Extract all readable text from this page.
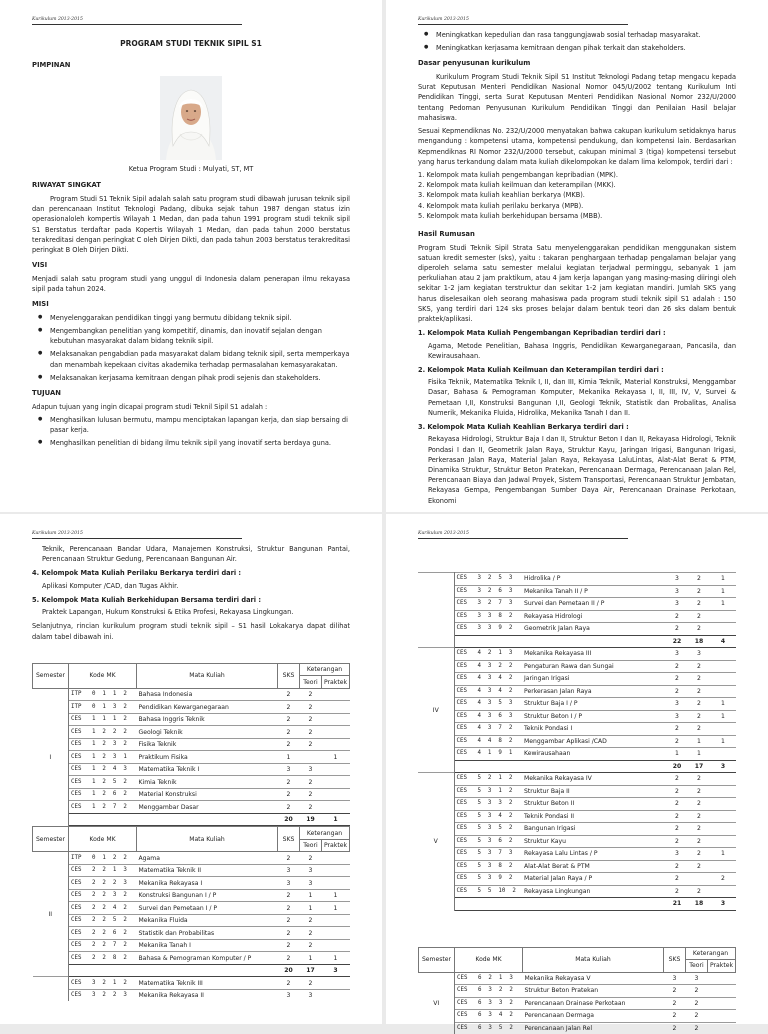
Kurikulum 2013-2015
PROGRAM STUDI TEKNIK SIPIL S1
PIMPINAN
Ketua Program Studi : Mulyati, ST, MT
RIWAYAT SINGKAT

Program Studi S1 Teknik Sipil adalah salah satu program studi dibawah jurusan teknik sipil dan perencanaan Institut Teknologi Padang, dibuka sejak tahun 1987 dengan status izin operasionaloleh kompertis Wilayah 1 Medan, dan pada tahun 1991 program studi teknik sipil S1 Berstatus terdaftar pada Kopertis Wilayah 1 Medan, dan pada tahun 2000 berstatus terakreditasi dengan peringkat C oleh Dirjen Dikti, dan pada tahun 2003 berstatus terakreditasi peringkat B Oleh Dirjen Dikti.

VISI

Menjadi salah satu program studi yang unggul di Indonesia dalam penerapan ilmu rekayasa sipil pada tahun 2024.

MISI
● Menyelenggarakan pendidikan tinggi yang bermutu dibidang teknik sipil.
● Mengembangkan penelitian yang kompetitif, dinamis, dan inovatif sejalan dengan kebutuhan masyarakat dalam bidang teknik sipil.
● Melaksanakan pengabdian pada masyarakat dalam bidang teknik sipil, serta memperkaya dan menambah kepekaan civitas akademika terhadap permasalahan kemasyarakatan.
● Melaksanakan kerjasama kemitraan dengan pihak prodi sejenis dan stakeholders.
TUJUAN

Adapun tujuan yang ingin dicapai program studi Teknil Sipil S1 adalah :

● Menghasilkan lulusan bermutu, mampu menciptakan lapangan kerja, dan siap bersaing di pasar kerja.
● Menghasilkan penelitian di bidang ilmu teknik sipil yang inovatif serta berdaya guna.
Kurikulum 2013-2015
● Meningkatkan kepedulian dan rasa tanggungjawab sosial terhadap masyarakat.
● Meningkatkan kerjasama kemitraan dengan pihak terkait dan stakeholders.
Dasar penyusunan kurikulum

Kurikulum Program Studi Teknik Sipil S1 Institut Teknologi Padang tetap mengacu kepada Surat Keputusan Menteri Pendidikan Nasional Nomor 045/U/2002 tentang Kurikulum Inti Pendidikan Tinggi, serta Surat Keputusan Menteri Pendidikan Nasional Nomor 232/U/2000 tentang Pedoman Penyusunan Kurikulum Pendidikan Tinggi dan Penilaian Hasil belajar mahasiswa.

Sesuai Kepmendiknas No. 232/U/2000 menyatakan bahwa cakupan kurikulum setidaknya harus mengandung : kompetensi utama, kompetensi pendukung, dan kompetensi lain. Berdasarkan Kepmendiknas RI Nomor 232/U/2000 tersebut, cakupan minimal 3 (tiga) kompetensi tersebut yang harus terkandung dalam mata kuliah dikelompokan ke dalam lima kelompok, terdiri dari :

1. Kelompok mata kuliah pengembangan kepribadian (MPK).
2. Kelompok mata kuliah keilmuan dan keterampilan (MKK).
3. Kelompok mata kuliah keahlian berkarya (MKB).
4. Kelompok mata kuliah perilaku berkarya (MPB).
5. Kelompok mata kuliah berkehidupan bersama (MBB).
Hasil Rumusan

Program Studi Teknik Sipil Strata Satu menyelenggarakan pendidikan menggunakan sistem satuan kredit semester (sks), yaitu : takaran penghargaan terhadap pengalaman belajar yang diperoleh selama satu semester melalui kegiatan terjadwal perminggu, sebanyak 1 jam perkuliahan atau 2 jam praktikum, atau 4 jam kerja lapangan yang masing-masing diiringi oleh sekitar 1-2 jam kegiatan terstruktur dan sekitar 1-2 jam kegiatan mandiri. Jumlah SKS yang harus diselesaikan oleh seorang mahasiswa pada program studi teknik sipil S1 adalah : 150 SKS, yang terdiri dari 124 sks proses belajar dalam bentuk teori dan 26 sks dalam bentuk praktek/aplikasi.

1. Kelompok Mata Kuliah Pengembangan Kepribadian terdiri dari :

Agama, Metode Penelitian, Bahasa Inggris, Pendidikan Kewarganegaraan, Pancasila, dan Kewirausahaan.

2. Kelompok Mata Kuliah Keilmuan dan Keterampilan terdiri dari :

Fisika Teknik, Matematika Teknik I, II, dan III, Kimia Teknik, Material Konstruksi, Menggambar Dasar, Bahasa & Pemograman Komputer, Mekanika Rekayasa I, II, III, IV, V, Survei & Pemetaan I,II, Konstruksi Bangunan I,II, Geologi Teknik, Statistik dan Probalitas, Analisa Numerik, Mekanika Fluida, Hidrolika, Mekanika Tanah I dan II.

3. Kelompok Mata Kuliah Keahlian Berkarya terdiri dari :

Rekayasa Hidrologi, Struktur Baja I dan II, Struktur Beton I dan II, Rekayasa Hidrologi, Teknik Pondasi I dan II, Geometrik Jalan Raya, Struktur Kayu, Jaringan Irigasi, Bangunan Irigasi, Perkerasan Jalan Raya, Material Jalan Raya, Rekayasa LaluLintas, Alat-Alat Berat & PTM, Dinamika Struktur, Struktur Beton Pratekan, Perencanaan Dermaga, Perencanaan Jalan Rel, Perencanaan Biaya dan Jadwal Proyek, Sistem Transportasi, Perencanaan Struktur Jembatan, Rekayasa Gempa, Pengembangan Sumber Daya Air, Perencanaan Drainase Perkotaan, Ekonomi

Kurikulum 2013-2015

Teknik, Perencanaan Bandar Udara, Manajemen Konstruksi, Struktur Bangunan Pantai, Perencanaan Struktur Gedung, Perencanaan Bangunan Air.

4. Kelompok Mata Kuliah Perilaku Berkarya terdiri dari :

Aplikasi Komputer /CAD, dan Tugas Akhir.

5. Kelompok Mata Kuliah Berkehidupan Bersama terdiri dari :

Praktek Lapangan, Hukum Konstruksi & Etika Profesi, Rekayasa Lingkungan.

Selanjutnya, rincian kurikulum program studi teknik sipil – S1 hasil Lokakarya dapat dilihat dalam tabel dibawah ini.

Semester	Kode MK	Mata Kuliah	SKS	Keterangan	
				Teori	Praktek
I	ITP   0  1  1  2	Bahasa Indonesia	2	2	
	ITP   0  1  3  2	Pendidikan Kewarganegaraan	2	2	
	CES   1  1  1  2	Bahasa Inggris Teknik	2	2	
	CES   1  2  2  2	Geologi Teknik	2	2	
	CES   1  2  3  2	Fisika Teknik	2	2	
	CES   1  2  3  1	Praktikum Fisika	1		1
	CES   1  2  4  3	Matematika Teknik I	3	3	
	CES   1  2  5  2	Kimia Teknik	2	2	
	CES   1  2  6  2	Material Konstruksi	2	2	
	CES   1  2  7  2	Menggambar Dasar	2	2	
			20	19	1
Semester	Kode MK	Mata Kuliah	SKS	Keterangan	
				Teori	Praktek
II	ITP   0  1  2  2	Agama	2	2	
	CES   2  2  1  3	Matematika Teknik II	3	3	
	CES   2  2  2  3	Mekanika Rekayasa I	3	3	
	CES   2  2  3  2	Konstruksi Bangunan I / P	2	1	1
	CES   2  2  4  2	Survei dan Pemetaan I / P	2	1	1
	CES   2  2  5  2	Mekanika Fluida	2	2	
	CES   2  2  6  2	Statistik dan Probabilitas	2	2	
	CES   2  2  7  2	Mekanika Tanah I	2	2	
	CES   2  2  8  2	Bahasa & Pemograman Komputer / P	2	1	1
			20	17	3
	CES   3  2  1  2	Matematika Teknik III	2	2	
	CES   3  2  2  3	Mekanika Rekayasa II	3	3	
Kurikulum 2013-2015
	CES   3  2  5  3	Hidrolika / P	3	2	1
	CES   3  2  6  3	Mekanika Tanah II / P	3	2	1
	CES   3  2  7  3	Survei dan Pemetaan II / P	3	2	1
	CES   3  3  8  2	Rekayasa Hidrologi	2	2	
	CES   3  3  9  2	Geometrik Jalan Raya	2	2	
			22	18	4
IV	CES   4  2  1  3	Mekanika Rekayasa III	3	3	
	CES   4  3  2  2	Pengaturan Rawa dan Sungai	2	2	
	CES   4  3  4  2	Jaringan Irigasi	2	2	
	CES   4  3  4  2	Perkerasan Jalan Raya	2	2	
	CES   4  3  5  3	Struktur Baja I / P	3	2	1
	CES   4  3  6  3	Struktur Beton I / P	3	2	1
	CES   4  3  7  2	Teknik Pondasi I	2	2	
	CES   4  4  8  2	Menggambar Aplikasi /CAD	2	1	1
	CES   4  1  9  1	Kewirausahaan	1	1	
			20	17	3
V	CES   5  2  1  2	Mekanika Rekayasa IV	2	2	
	CES   5  3  1  2	Struktur Baja II	2	2	
	CES   5  3  3  2	Struktur Beton II	2	2	
	CES   5  3  4  2	Teknik Pondasi II	2	2	
	CES   5  3  5  2	Bangunan Irigasi	2	2	
	CES   5  3  6  2	Struktur Kayu	2	2	
	CES   5  3  7  3	Rekayasa Lalu Lintas / P	3	2	1
	CES   5  3  8  2	Alat-Alat Berat & PTM	2	2	
	CES   5  3  9  2	Material Jalan Raya / P	2		2
	CES   5  5  10  2	Rekayasa Lingkungan	2	2	
			21	18	3
Semester	Kode MK	Mata Kuliah	SKS	Keterangan	
				Teori	Praktek
VI	CES   6  2  1  3	Mekanika Rekayasa V	3	3	
	CES   6  3  2  2	Struktur Beton Pratekan	2	2	
	CES   6  3  3  2	Perencanaan Drainase Perkotaan	2	2	
	CES   6  3  4  2	Perencanaan Dermaga	2	2	
	CES   6  3  5  2	Perencanaan Jalan Rel	2	2	
